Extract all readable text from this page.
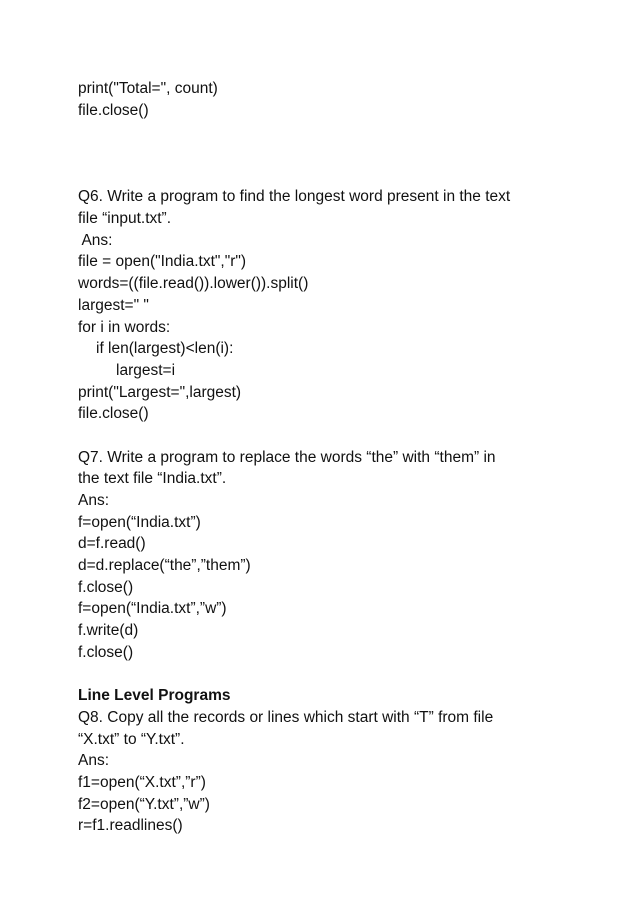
print("Total=", count)
file.close()
Q6. Write a program to find the longest word present in the text
file “input.txt”.
Ans:
file = open("India.txt","r")
words=((file.read()).lower()).split()
largest=" "
for i in words:
if len(largest)<len(i):
largest=i
print("Largest=",largest)
file.close()
Q7. Write a program to replace the words “the” with “them” in
the text file “India.txt”.
Ans:
f=open(“India.txt”)
d=f.read()
d=d.replace(“the”,”them”)
f.close()
f=open(“India.txt”,”w”)
f.write(d)
f.close()
Line Level Programs
Q8. Copy all the records or lines which start with “T” from file
“X.txt” to “Y.txt”.
Ans:
f1=open(“X.txt”,”r”)
f2=open(“Y.txt”,”w”)
r=f1.readlines()
